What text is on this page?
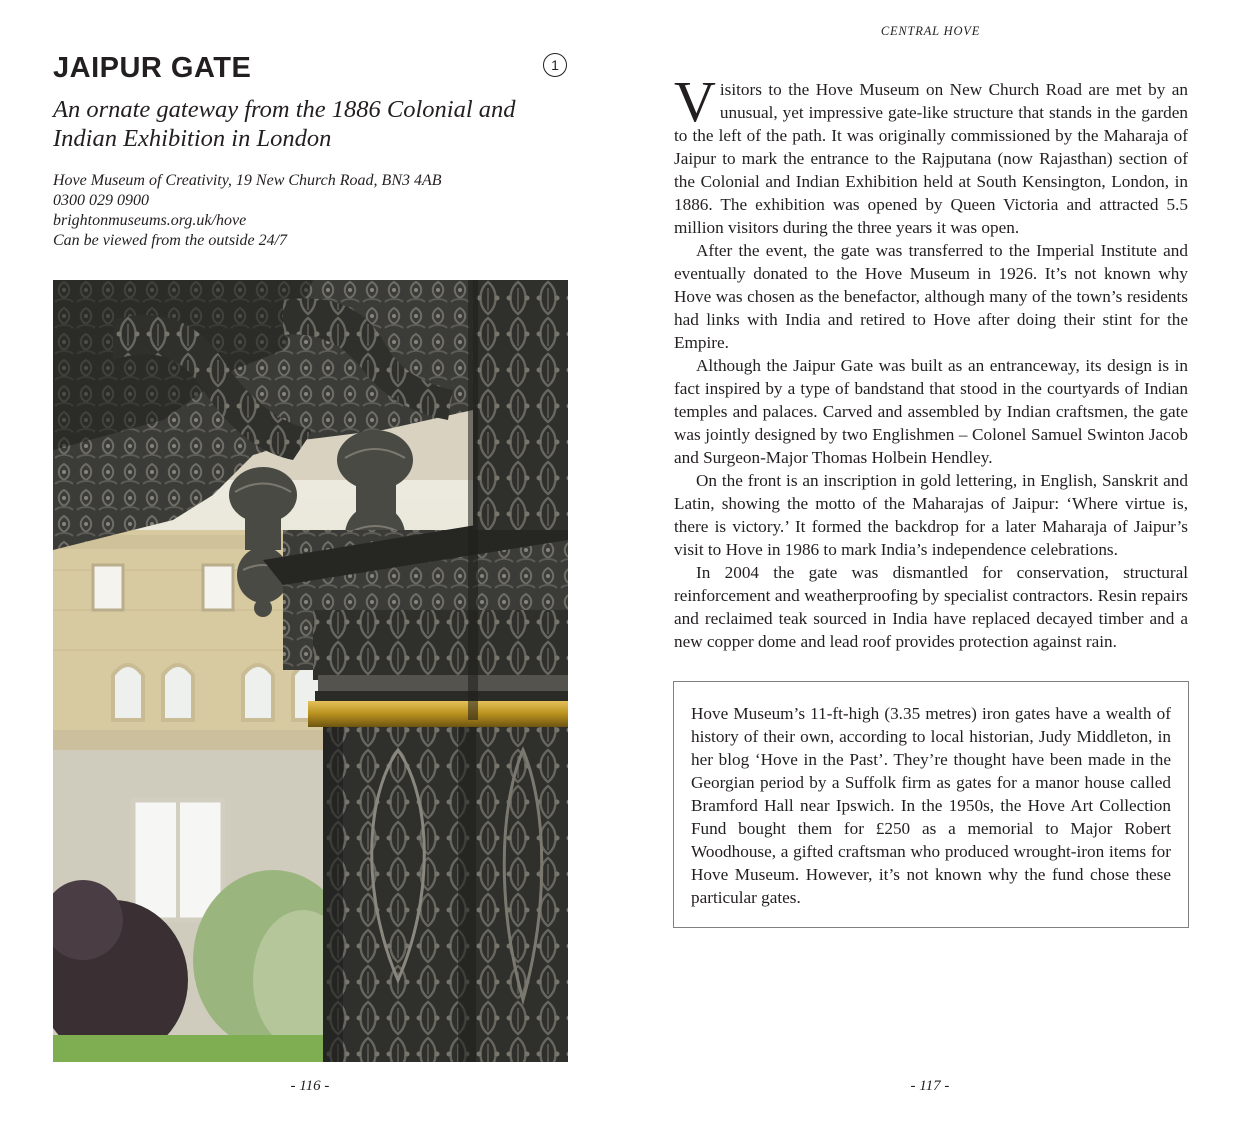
JAIPUR GATE	1

An ornate gateway from the 1886 Colonial and Indian Exhibition in London

Hove Museum of Creativity, 19 New Church Road, BN3 4AB
0300 029 0900
brightonmuseums.org.uk/hove
Can be viewed from the outside 24/7
- 116 -
CENTRAL HOVE

Visitors to the Hove Museum on New Church Road are met by an unusual, yet impressive gate-like structure that stands in the garden to the left of the path. It was originally commissioned by the Maharaja of Jaipur to mark the entrance to the Rajputana (now Rajasthan) section of the Colonial and Indian Exhibition held at South Kensington, London, in 1886. The exhibition was opened by Queen Victoria and attracted 5.5 million visitors during the three years it was open.

After the event, the gate was transferred to the Imperial Institute and eventually donated to the Hove Museum in 1926. It’s not known why Hove was chosen as the benefactor, although many of the town’s residents had links with India and retired to Hove after doing their stint for the Empire.

Although the Jaipur Gate was built as an entranceway, its design is in fact inspired by a type of bandstand that stood in the courtyards of Indian temples and palaces. Carved and assembled by Indian craftsmen, the gate was jointly designed by two Englishmen – Colonel Samuel Swinton Jacob and Surgeon-Major Thomas Holbein Hendley.

On the front is an inscription in gold lettering, in English, Sanskrit and Latin, showing the motto of the Maharajas of Jaipur: ‘Where virtue is, there is victory.’ It formed the backdrop for a later Maharaja of Jaipur’s visit to Hove in 1986 to mark India’s independence celebrations.

In 2004 the gate was dismantled for conservation, structural reinforcement and weatherproofing by specialist contractors. Resin repairs and reclaimed teak sourced in India have replaced decayed timber and a new copper dome and lead roof provides protection against rain.

Hove Museum’s 11-ft-high (3.35 metres) iron gates have a wealth of history of their own, according to local historian, Judy Middleton, in her blog ‘Hove in the Past’. They’re thought have been made in the Georgian period by a Suffolk firm as gates for a manor house called Bramford Hall near Ipswich. In the 1950s, the Hove Art Collection Fund bought them for £250 as a memorial to Major Robert Woodhouse, a gifted craftsman who produced wrought-iron items for Hove Museum. However, it’s not known why the fund chose these particular gates.

- 117 -
